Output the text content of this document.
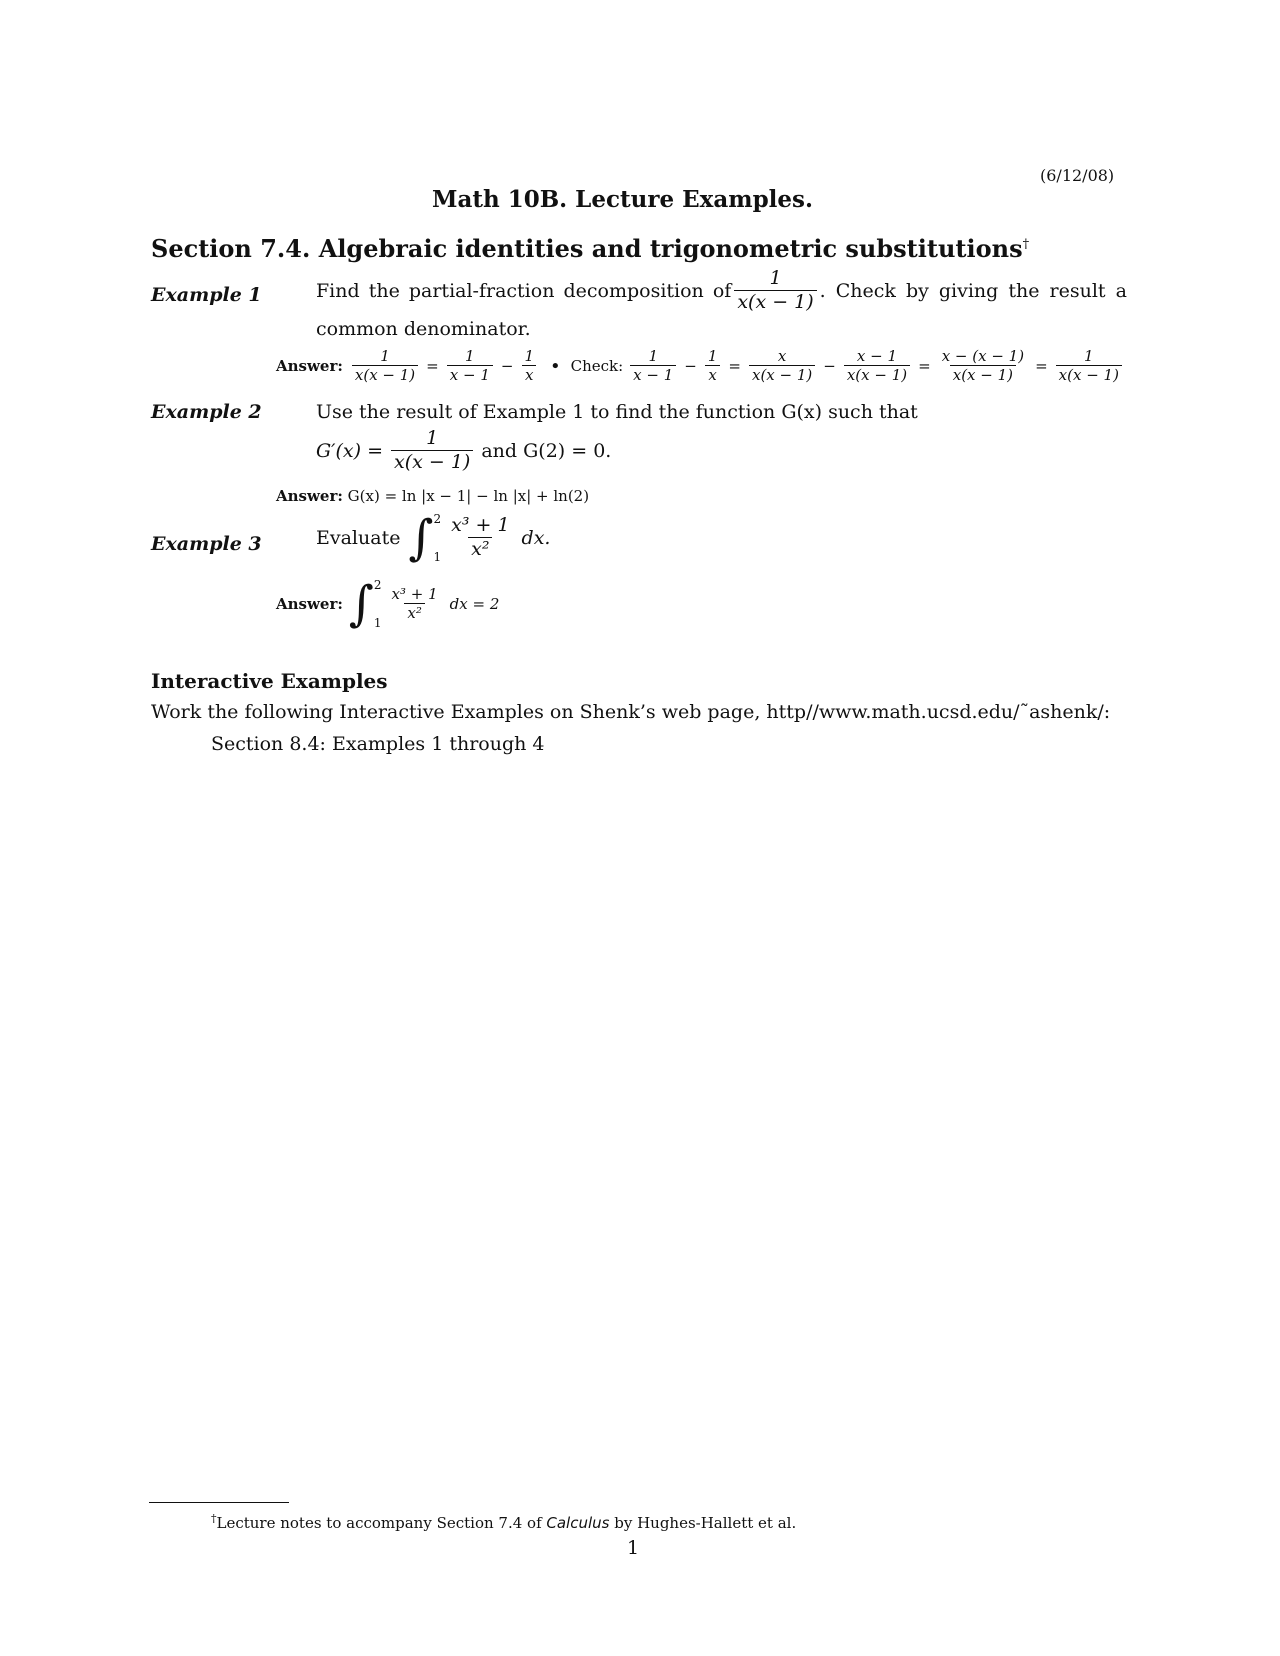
(6/12/08)
Math 10B. Lecture Examples.
Section 7.4. Algebraic identities and trigonometric substitutions†
Example 1	Find the partial-fraction decomposition of $\frac{1}{x(x - 1)}$ . Check by giving the result a
common denominator.
Answer: $\frac{1}{x(x - 1)} = \frac{1}{x - 1} - \frac{1}{x}$ • Check: $\frac{1}{x - 1} - \frac{1}{x} = \frac{x}{x(x - 1)} - \frac{x - 1}{x(x - 1)} = \frac{x - (x - 1)}{x(x - 1)} = \frac{1}{x(x - 1)}$
Example 2	Use the result of Example 1 to find the function G(x) such that
$G'(x) = \frac{1}{x(x - 1)}$ and G(2) = 0.
Answer: G(x) = ln |x − 1| − ln |x| + ln(2)
Example 3	Evaluate ∫ 2
$1 \frac{\text{x³ + 1}}{\text{x²}}$ dx.
Answer: ∫ 2
1
$\frac{\text{x³ + 1}}{\text{x²}}$ dx = 2
Interactive Examples
Work the following Interactive Examples on Shenk’s web page, http//www.math.ucsd.edu/˜ashenk/:
Section 8.4: Examples 1 through 4
†Lecture notes to accompany Section 7.4 of Calculus by Hughes-Hallett et al.
1
